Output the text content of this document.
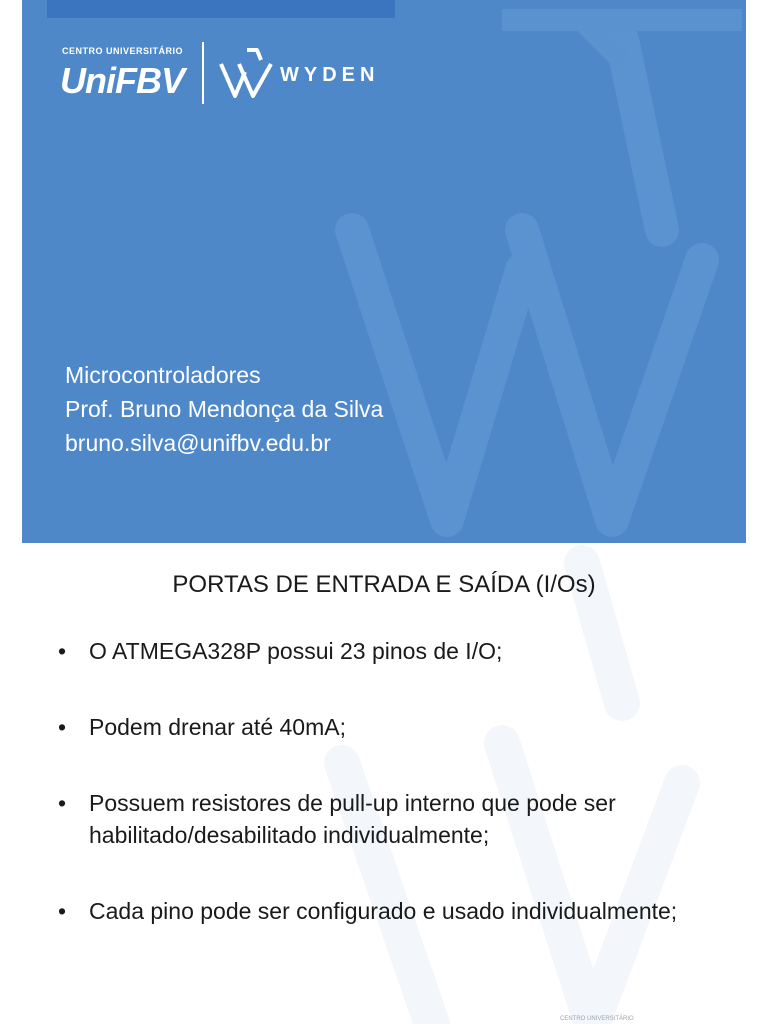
CENTRO UNIVERSITÁRIO
UniFBV	WYDEN
Microcontroladores
Prof. Bruno Mendonça da Silva
bruno.silva@unifbv.edu.br
PORTAS DE ENTRADA E SAÍDA (I/Os)
• O ATMEGA328P possui 23 pinos de I/O;
• Podem drenar até 40mA;
• Possuem resistores de pull-up interno que pode ser habilitado/desabilitado individualmente;
• Cada pino pode ser configurado e usado individualmente;
CENTRO UNIVERSITÁRIO
